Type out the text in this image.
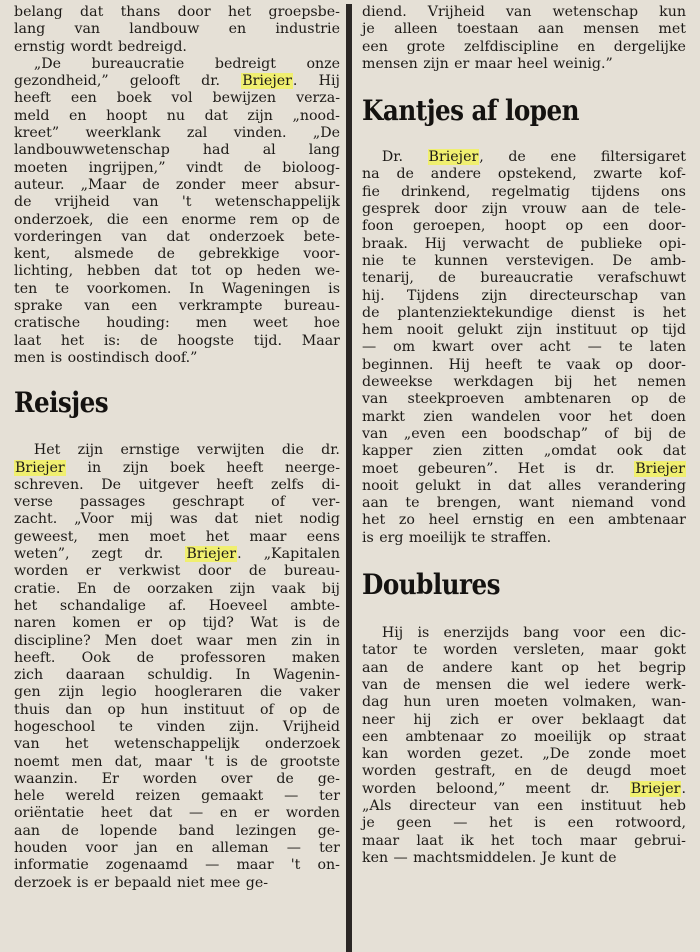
belang dat thans door het groepsbe-
lang van landbouw en industrie
ernstig wordt bedreigd.
„De bureaucratie bedreigt onze
gezondheid,” gelooft dr. Briejer. Hij
heeft een boek vol bewijzen verza-
meld en hoopt nu dat zijn „nood-
kreet” weerklank zal vinden. „De
landbouwwetenschap had al lang
moeten ingrijpen,” vindt de bioloog-
auteur. „Maar de zonder meer absur-
de vrijheid van 't wetenschappelijk
onderzoek, die een enorme rem op de
vorderingen van dat onderzoek bete-
kent, alsmede de gebrekkige voor-
lichting, hebben dat tot op heden we-
ten te voorkomen. In Wageningen is
sprake van een verkrampte bureau-
cratische houding: men weet hoe
laat het is: de hoogste tijd. Maar
men is oostindisch doof.”
Reisjes
Het zijn ernstige verwijten die dr.
Briejer in zijn boek heeft neerge-
schreven. De uitgever heeft zelfs di-
verse passages geschrapt of ver-
zacht. „Voor mij was dat niet nodig
geweest, men moet het maar eens
weten”, zegt dr. Briejer. „Kapitalen
worden er verkwist door de bureau-
cratie. En de oorzaken zijn vaak bij
het schandalige af. Hoeveel ambte-
naren komen er op tijd? Wat is de
discipline? Men doet waar men zin in
heeft. Ook de professoren maken
zich daaraan schuldig. In Wagenin-
gen zijn legio hoogleraren die vaker
thuis dan op hun instituut of op de
hogeschool te vinden zijn. Vrijheid
van het wetenschappelijk onderzoek
noemt men dat, maar 't is de grootste
waanzin. Er worden over de ge-
hele wereld reizen gemaakt — ter
oriëntatie heet dat — en er worden
aan de lopende band lezingen ge-
houden voor jan en alleman — ter
informatie zogenaamd — maar 't on-
derzoek is er bepaald niet mee ge-
diend. Vrijheid van wetenschap kun
je alleen toestaan aan mensen met
een grote zelfdiscipline en dergelijke
mensen zijn er maar heel weinig.”
Kantjes af lopen
Dr. Briejer, de ene filtersigaret
na de andere opstekend, zwarte kof-
fie drinkend, regelmatig tijdens ons
gesprek door zijn vrouw aan de tele-
foon geroepen, hoopt op een door-
braak. Hij verwacht de publieke opi-
nie te kunnen verstevigen. De amb-
tenarij, de bureaucratie verafschuwt
hij. Tijdens zijn directeurschap van
de plantenziektekundige dienst is het
hem nooit gelukt zijn instituut op tijd
— om kwart over acht — te laten
beginnen. Hij heeft te vaak op door-
deweekse werkdagen bij het nemen
van steekproeven ambtenaren op de
markt zien wandelen voor het doen
van „even een boodschap” of bij de
kapper zien zitten „omdat ook dat
moet gebeuren”. Het is dr. Briejer
nooit gelukt in dat alles verandering
aan te brengen, want niemand vond
het zo heel ernstig en een ambtenaar
is erg moeilijk te straffen.
Doublures
Hij is enerzijds bang voor een dic-
tator te worden versleten, maar gokt
aan de andere kant op het begrip
van de mensen die wel iedere werk-
dag hun uren moeten volmaken, wan-
neer hij zich er over beklaagt dat
een ambtenaar zo moeilijk op straat
kan worden gezet. „De zonde moet
worden gestraft, en de deugd moet
worden beloond,” meent dr. Briejer.
„Als directeur van een instituut heb
je geen — het is een rotwoord,
maar laat ik het toch maar gebrui-
ken — machtsmiddelen. Je kunt de
